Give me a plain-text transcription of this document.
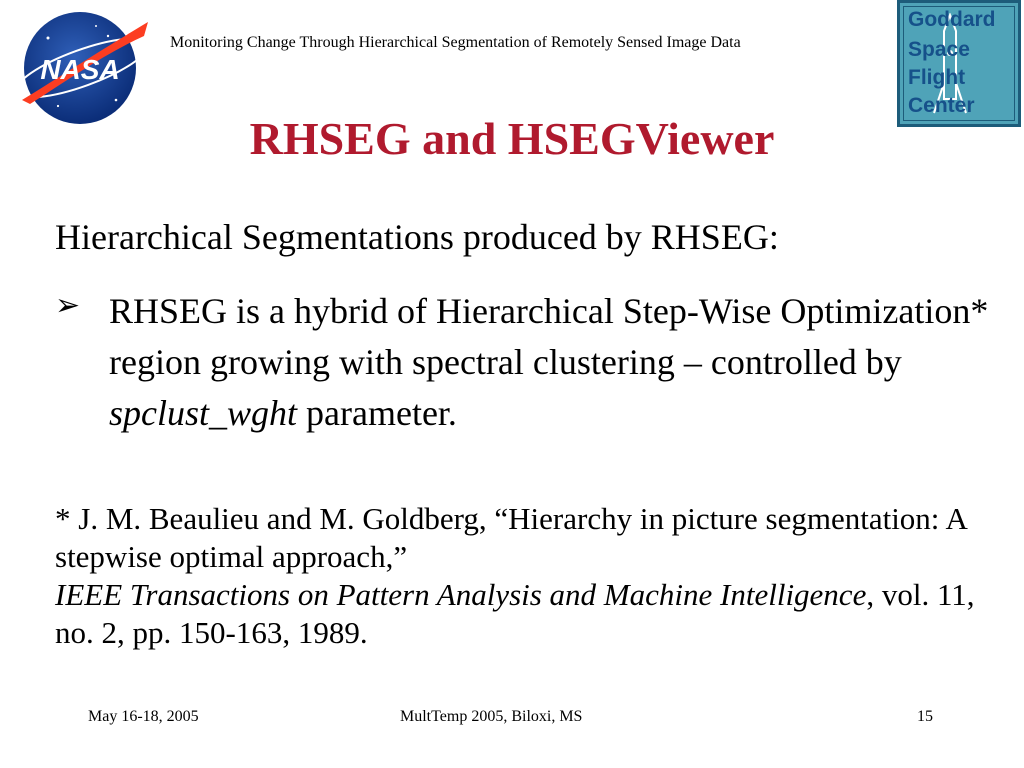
NASA
Monitoring Change Through Hierarchical Segmentation of Remotely Sensed Image Data
Goddard
Space
Flight
Center
RHSEG and HSEGViewer
Hierarchical Segmentations produced by RHSEG:
➢ RHSEG is a hybrid of Hierarchical Step-Wise Optimization* region growing with spectral clustering – controlled by spclust_wght parameter.
* J. M. Beaulieu and M. Goldberg, “Hierarchy in picture segmentation: A stepwise optimal approach,”
IEEE Transactions on Pattern Analysis and Machine Intelligence, vol. 11, no. 2, pp. 150-163, 1989.
May 16-18, 2005	MultTemp 2005, Biloxi, MS	15
